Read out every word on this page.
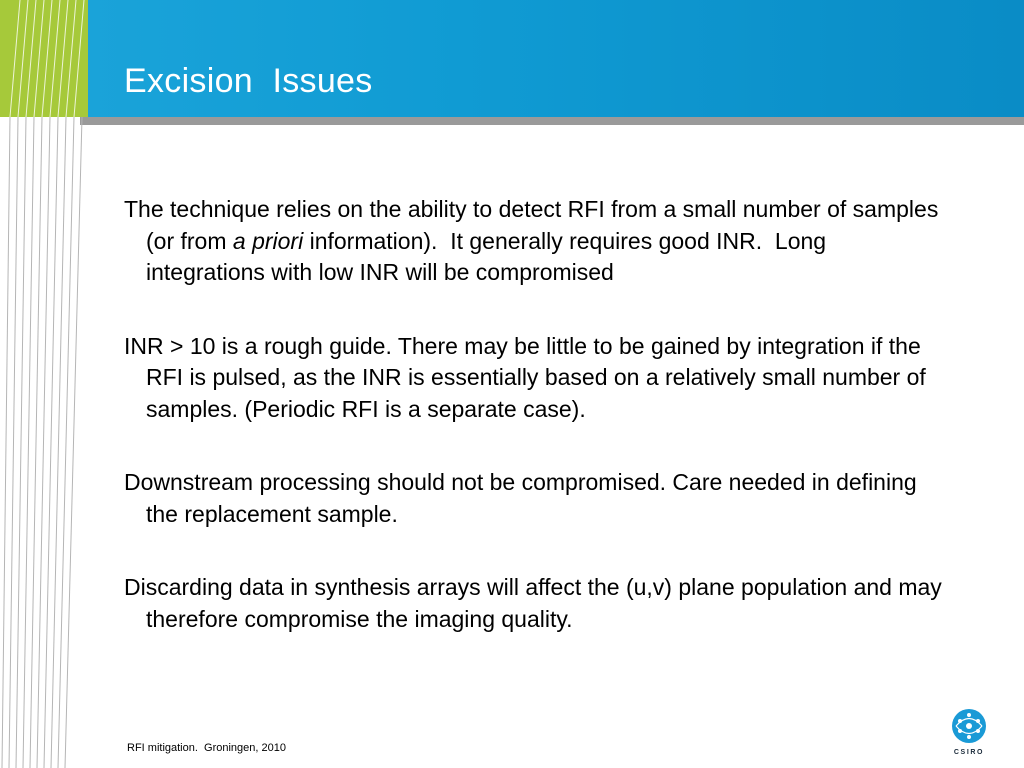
Excision  Issues

The technique relies on the ability to detect RFI from a small number of samples (or from a priori information).  It generally requires good INR.  Long integrations with low INR will be compromised

INR > 10 is a rough guide. There may be little to be gained by integration if the RFI is pulsed, as the INR is essentially based on a relatively small number of samples. (Periodic RFI is a separate case).

Downstream processing should not be compromised. Care needed in defining the replacement sample.

Discarding data in synthesis arrays will affect the (u,v) plane population and may therefore compromise the imaging quality.

RFI mitigation.  Groningen, 2010	CSIRO
